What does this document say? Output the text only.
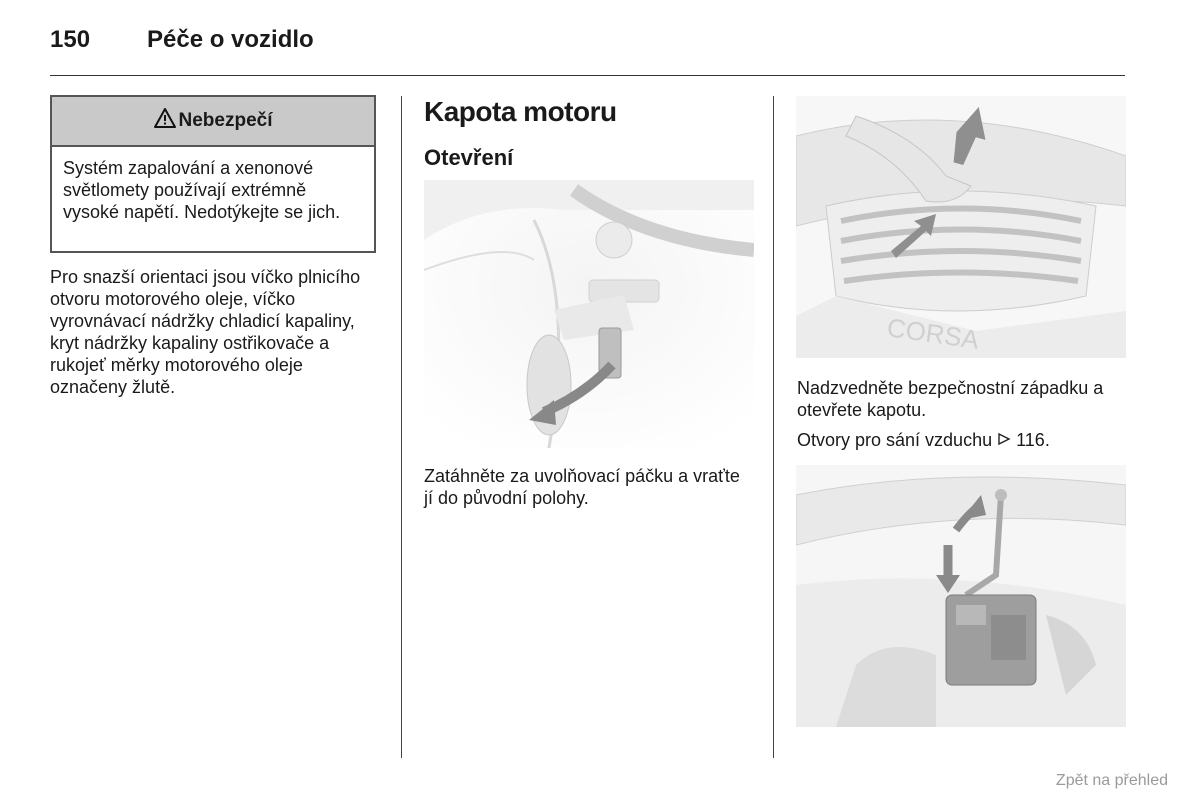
150 Péče o vozidlo
Nebezpečí
Systém zapalování a xenonové světlomety používají extrémně vysoké napětí. Nedotýkejte se jich.
Pro snazší orientaci jsou víčko plnicího otvoru motorového oleje, víčko vyrovnávací nádržky chladicí kapaliny, kryt nádržky kapaliny ostřikovače a rukojeť měrky motorového oleje označeny žlutě.
Kapota motoru
Otevření
Zatáhněte za uvolňovací páčku a vraťte jí do původní polohy.
CORSA
Nadzvedněte bezpečnostní západku a otevřete kapotu.
Otvory pro sání vzduchu 116.
Zpět na přehled
